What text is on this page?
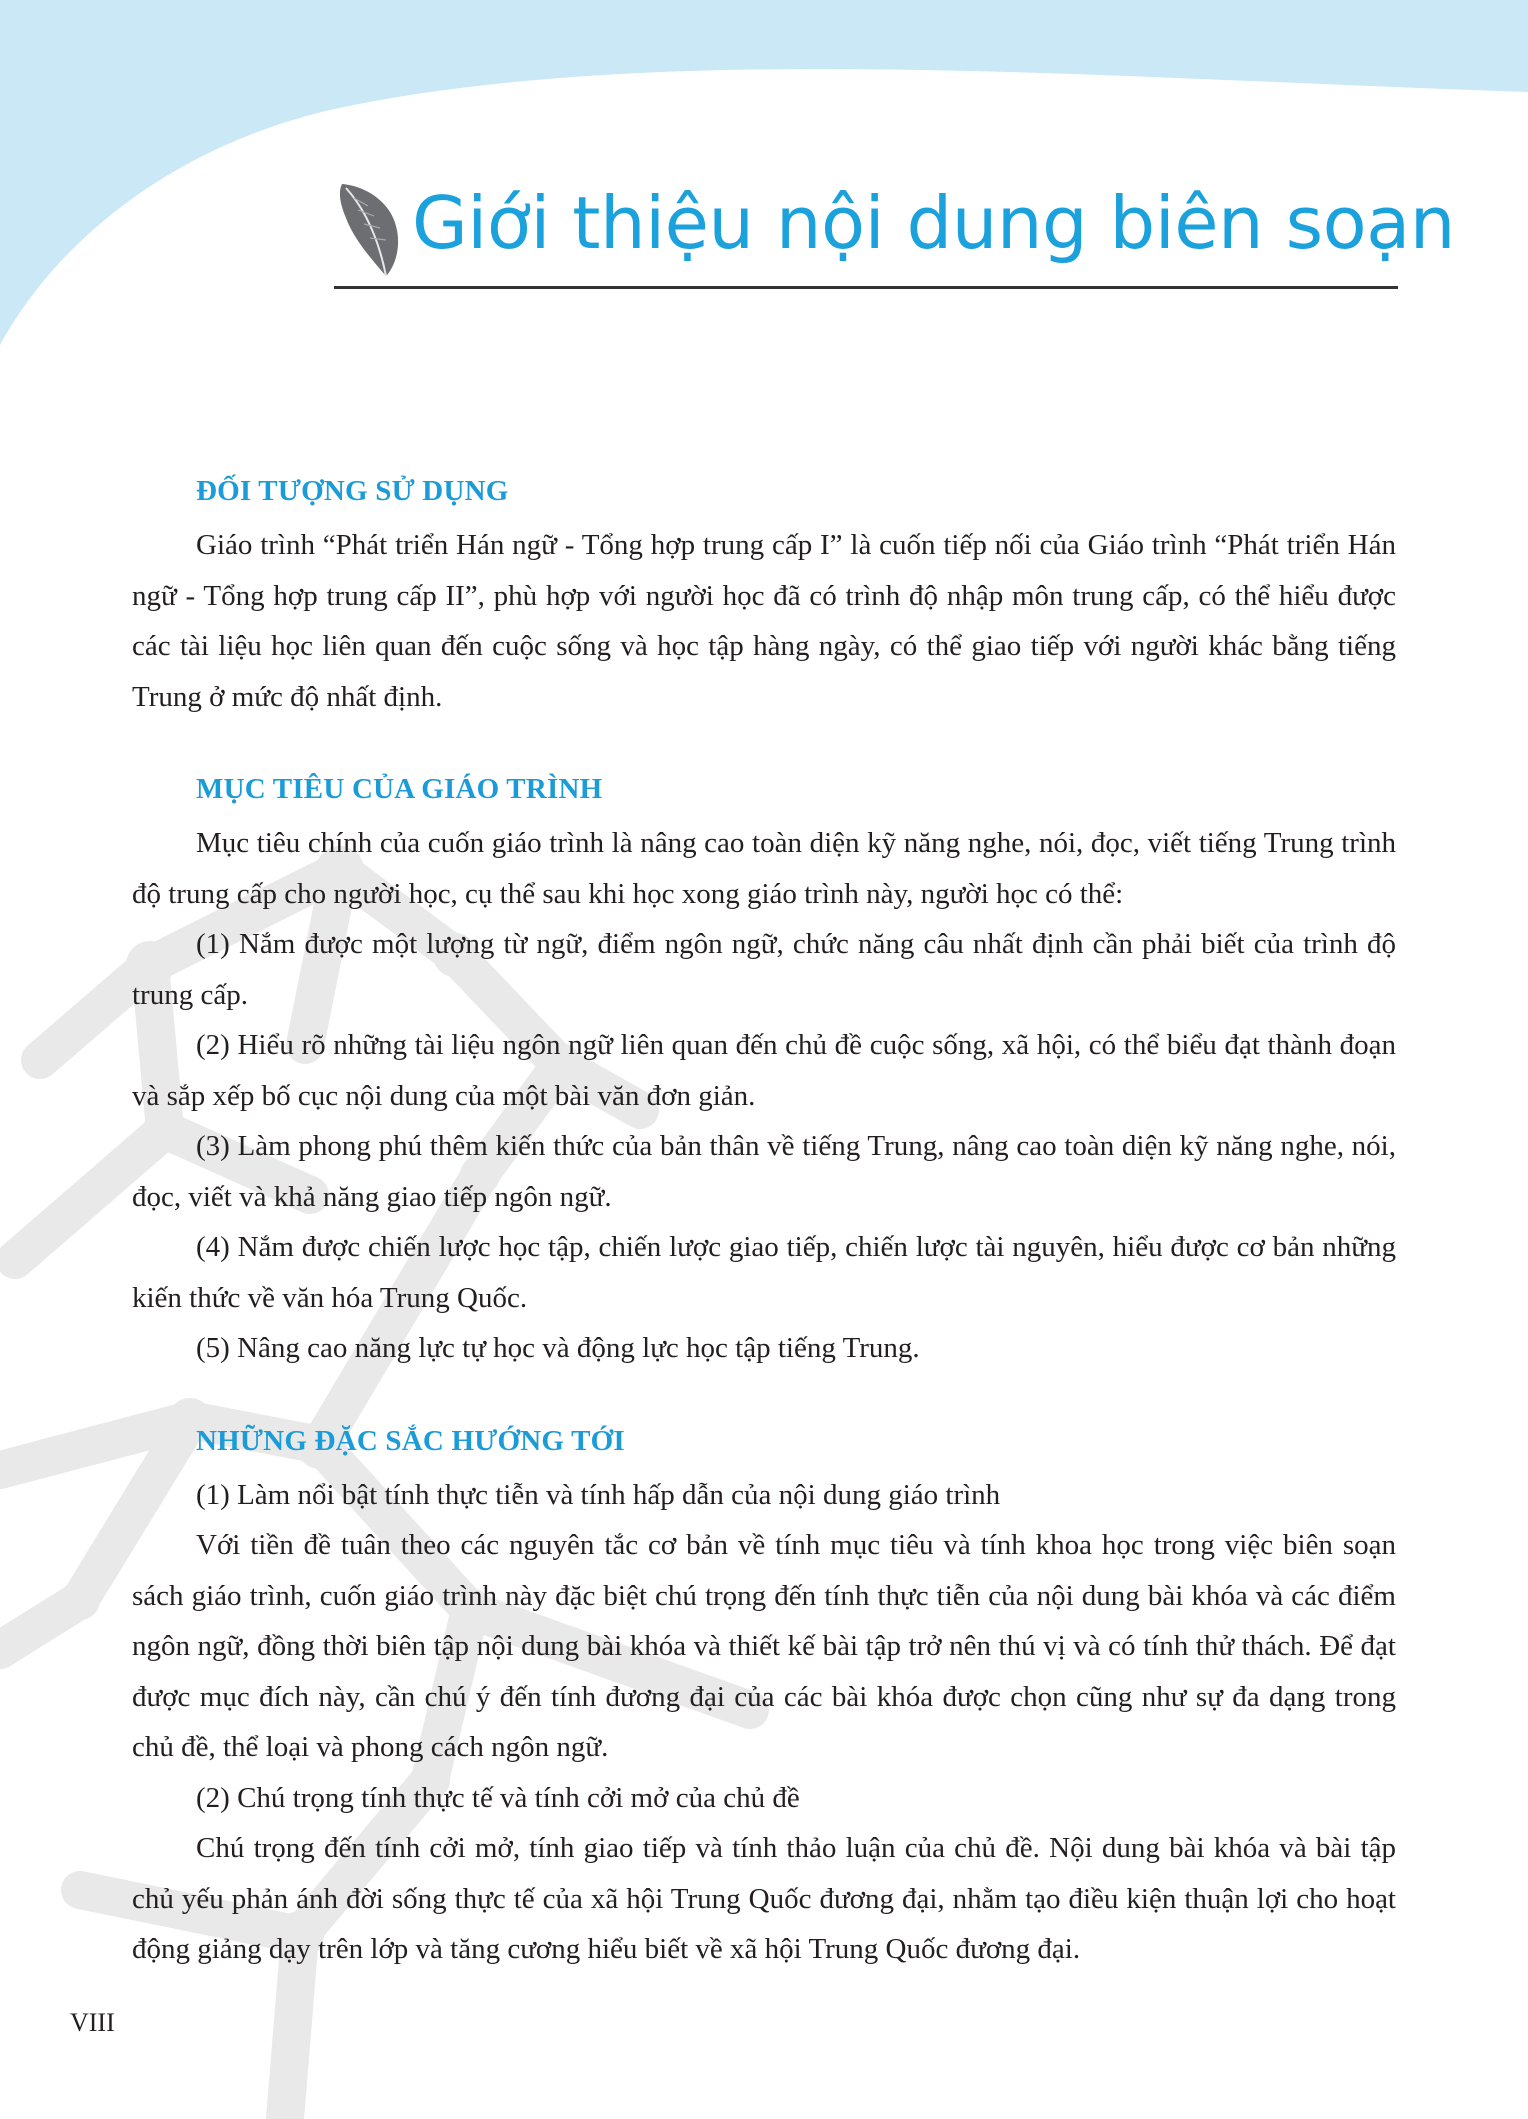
Giới thiệu nội dung biên soạn
ĐỐI TƯỢNG SỬ DỤNG

Giáo trình “Phát triển Hán ngữ - Tổng hợp trung cấp I” là cuốn tiếp nối của Giáo trình “Phát triển Hán ngữ - Tổng hợp trung cấp II”, phù hợp với người học đã có trình độ nhập môn trung cấp, có thể hiểu được các tài liệu học liên quan đến cuộc sống và học tập hàng ngày, có thể giao tiếp với người khác bằng tiếng Trung ở mức độ nhất định.

MỤC TIÊU CỦA GIÁO TRÌNH

Mục tiêu chính của cuốn giáo trình là nâng cao toàn diện kỹ năng nghe, nói, đọc, viết tiếng Trung trình độ trung cấp cho người học, cụ thể sau khi học xong giáo trình này, người học có thể:

(1) Nắm được một lượng từ ngữ, điểm ngôn ngữ, chức năng câu nhất định cần phải biết của trình độ trung cấp.

(2) Hiểu rõ những tài liệu ngôn ngữ liên quan đến chủ đề cuộc sống, xã hội, có thể biểu đạt thành đoạn và sắp xếp bố cục nội dung của một bài văn đơn giản.

(3) Làm phong phú thêm kiến thức của bản thân về tiếng Trung, nâng cao toàn diện kỹ năng nghe, nói, đọc, viết và khả năng giao tiếp ngôn ngữ.

(4) Nắm được chiến lược học tập, chiến lược giao tiếp, chiến lược tài nguyên, hiểu được cơ bản những kiến thức về văn hóa Trung Quốc.

(5) Nâng cao năng lực tự học và động lực học tập tiếng Trung.

NHỮNG ĐẶC SẮC HƯỚNG TỚI

(1) Làm nổi bật tính thực tiễn và tính hấp dẫn của nội dung giáo trình

Với tiền đề tuân theo các nguyên tắc cơ bản về tính mục tiêu và tính khoa học trong việc biên soạn sách giáo trình, cuốn giáo trình này đặc biệt chú trọng đến tính thực tiễn của nội dung bài khóa và các điểm ngôn ngữ, đồng thời biên tập nội dung bài khóa và thiết kế bài tập trở nên thú vị và có tính thử thách. Để đạt được mục đích này, cần chú ý đến tính đương đại của các bài khóa được chọn cũng như sự đa dạng trong chủ đề, thể loại và phong cách ngôn ngữ.

(2) Chú trọng tính thực tế và tính cởi mở của chủ đề

Chú trọng đến tính cởi mở, tính giao tiếp và tính thảo luận của chủ đề. Nội dung bài khóa và bài tập chủ yếu phản ánh đời sống thực tế của xã hội Trung Quốc đương đại, nhằm tạo điều kiện thuận lợi cho hoạt động giảng dạy trên lớp và tăng cương hiểu biết về xã hội Trung Quốc đương đại.

VIII
